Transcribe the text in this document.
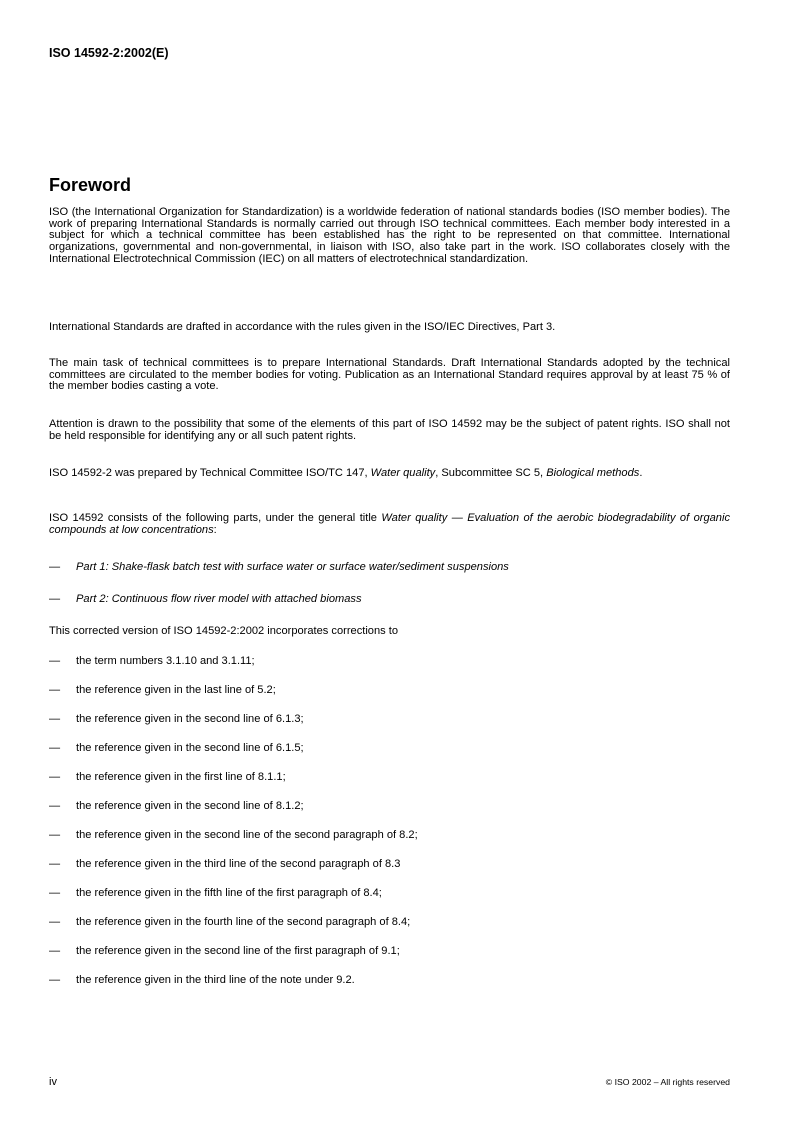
ISO 14592-2:2002(E)
Foreword

ISO (the International Organization for Standardization) is a worldwide federation of national standards bodies (ISO member bodies). The work of preparing International Standards is normally carried out through ISO technical committees. Each member body interested in a subject for which a technical committee has been established has the right to be represented on that committee. International organizations, governmental and non-governmental, in liaison with ISO, also take part in the work. ISO collaborates closely with the International Electrotechnical Commission (IEC) on all matters of electrotechnical standardization.

International Standards are drafted in accordance with the rules given in the ISO/IEC Directives, Part 3.

The main task of technical committees is to prepare International Standards. Draft International Standards adopted by the technical committees are circulated to the member bodies for voting. Publication as an International Standard requires approval by at least 75 % of the member bodies casting a vote.

Attention is drawn to the possibility that some of the elements of this part of ISO 14592 may be the subject of patent rights. ISO shall not be held responsible for identifying any or all such patent rights.

ISO 14592-2 was prepared by Technical Committee ISO/TC 147, Water quality, Subcommittee SC 5, Biological methods.

ISO 14592 consists of the following parts, under the general title Water quality — Evaluation of the aerobic biodegradability of organic compounds at low concentrations:

— Part 1: Shake-flask batch test with surface water or surface water/sediment suspensions
— Part 2: Continuous flow river model with attached biomass
This corrected version of ISO 14592-2:2002 incorporates corrections to
— the term numbers 3.1.10 and 3.1.11;
— the reference given in the last line of 5.2;
— the reference given in the second line of 6.1.3;
— the reference given in the second line of 6.1.5;
— the reference given in the first line of 8.1.1;
— the reference given in the second line of 8.1.2;
— the reference given in the second line of the second paragraph of 8.2;
— the reference given in the third line of the second paragraph of 8.3
— the reference given in the fifth line of the first paragraph of 8.4;
— the reference given in the fourth line of the second paragraph of 8.4;
— the reference given in the second line of the first paragraph of 9.1;
— the reference given in the third line of the note under 9.2.
iv	© ISO 2002 – All rights reserved
